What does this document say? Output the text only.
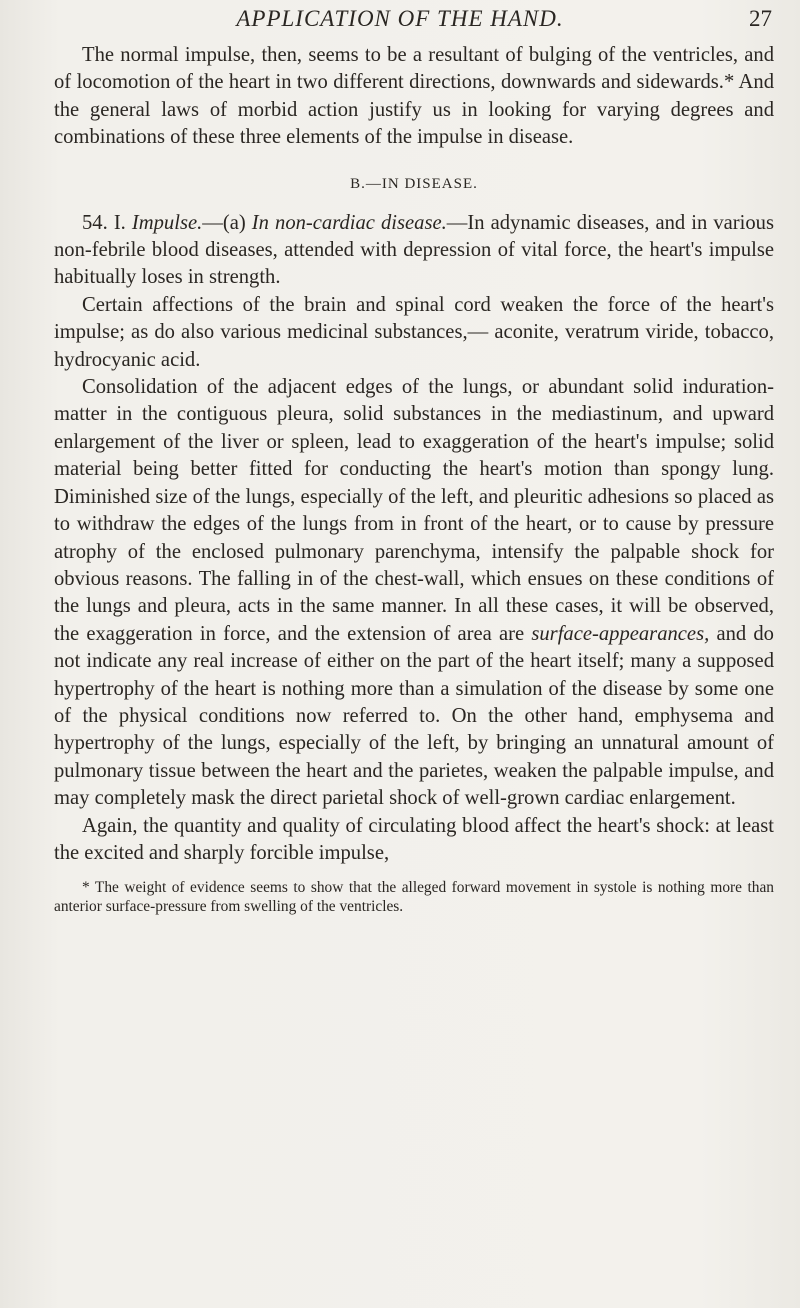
APPLICATION OF THE HAND.	27

The normal impulse, then, seems to be a resultant of bulging of the ventricles, and of locomotion of the heart in two different directions, downwards and sidewards.* And the general laws of morbid action justify us in looking for varying degrees and combinations of these three elements of the impulse in disease.

B.—IN DISEASE.

54. I. Impulse.—(a) In non-cardiac disease.—In adynamic diseases, and in various non-febrile blood diseases, attended with depression of vital force, the heart's impulse habitually loses in strength.

Certain affections of the brain and spinal cord weaken the force of the heart's impulse; as do also various medicinal substances,— aconite, veratrum viride, tobacco, hydrocyanic acid.

Consolidation of the adjacent edges of the lungs, or abundant solid induration-matter in the contiguous pleura, solid substances in the mediastinum, and upward enlargement of the liver or spleen, lead to exaggeration of the heart's impulse; solid material being better fitted for conducting the heart's motion than spongy lung. Diminished size of the lungs, especially of the left, and pleuritic adhesions so placed as to withdraw the edges of the lungs from in front of the heart, or to cause by pressure atrophy of the enclosed pulmonary parenchyma, intensify the palpable shock for obvious reasons. The falling in of the chest-wall, which ensues on these conditions of the lungs and pleura, acts in the same manner. In all these cases, it will be observed, the exaggeration in force, and the extension of area are surface-appearances, and do not indicate any real increase of either on the part of the heart itself; many a supposed hypertrophy of the heart is nothing more than a simulation of the disease by some one of the physical conditions now referred to. On the other hand, emphysema and hypertrophy of the lungs, especially of the left, by bringing an unnatural amount of pulmonary tissue between the heart and the parietes, weaken the palpable impulse, and may completely mask the direct parietal shock of well-grown cardiac enlargement.

Again, the quantity and quality of circulating blood affect the heart's shock: at least the excited and sharply forcible impulse,

* The weight of evidence seems to show that the alleged forward movement in systole is nothing more than anterior surface-pressure from swelling of the ventricles.
